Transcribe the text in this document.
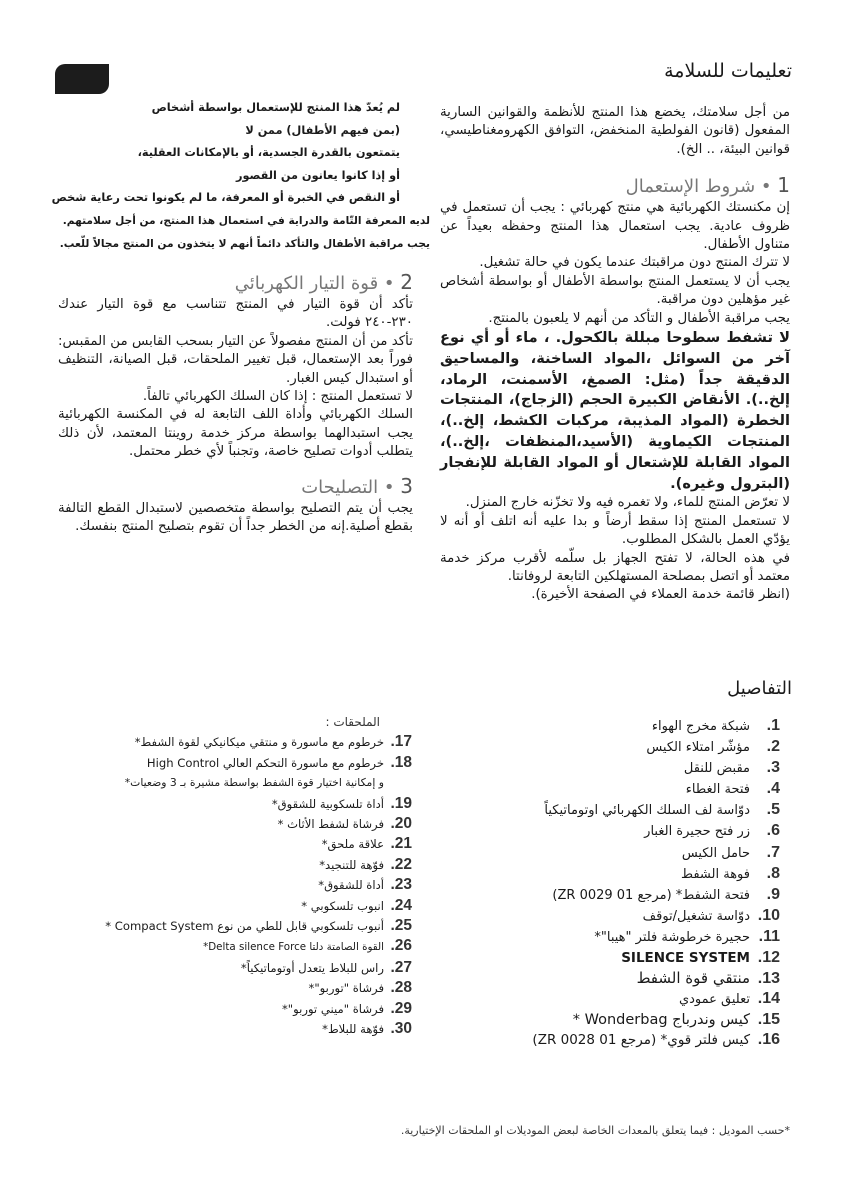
تعليمات للسلامة

من أجل سلامتك، يخضع هذا المنتج للأنظمة والقوانين السارية المفعول (قانون الفولطية المنخفض، التوافق الكهرومغناطيسي، قوانين البيئة، .. الخ).

1 • شروط الإستعمال

إن مكنستك الكهربائية هي منتج كهربائي : يجب أن تستعمل في ظروف عادية. يجب استعمال هذا المنتج وحفظه بعيداً عن متناول الأطفال.

لا تترك المنتج دون مراقبتك عندما يكون في حالة تشغيل.

يجب أن لا يستعمل المنتج بواسطة الأطفال أو بواسطة أشخاص غير مؤهلين دون مراقبة.

يجب مراقبة الأطفال و التأكد من أنهم لا يلعبون بالمنتج.

لا تشفط سطوحا مبللة بالكحول. ، ماء أو أي نوع آخر من السوائل ،المواد الساخنة، والمساحيق الدقيقة جداً (مثل: الصمغ، الأسمنت، الرماد، إلخ..). الأنقاض الكبيرة الحجم (الزجاج)، المنتجات الخطرة (المواد المذيبة، مركبات الكشط، إلخ..)، المنتجات الكيماوية (الأسيد،المنظفات ،إلخ..)، المواد القابلة للإشتعال أو المواد القابلة للإنفجار (البترول وغيره).

لا تعرّض المنتج للماء، ولا تغمره فيه ولا تخزّنه خارج المنزل.

لا تستعمل المنتج إذا سقط أرضاً و بدا عليه أنه اتلف أو أنه لا يؤدّي العمل بالشكل المطلوب.

في هذه الحالة، لا تفتح الجهاز بل سلّمه لأقرب مركز خدمة معتمد أو اتصل بمصلحة المستهلكين التابعة لروفانتا.

(انظر قائمة خدمة العملاء في الصفحة الأخيرة).

لم يُعدّ هذا المنتج للإستعمال بواسطة أشخاص

(بمن فيهم الأطفال) ممن لا

يتمتعون بالقدرة الجسدية، أو بالإمكانات العقلية،

أو إذا كانوا يعانون من القصور

أو النقص في الخبرة أو المعرفة، ما لم يكونوا تحت رعاية شخص

لديه المعرفة التّامة والدراية في استعمال هذا المنتج، من أجل سلامتهم.

يجب مراقبة الأطفال والتأكد دائماً أنهم لا يتخذون من المنتج مجالاً للّعب.

2 • قوة التيار الكهربائي

تأكد أن قوة التيار في المنتج تتناسب مع قوة التيار عندك ٢٣٠-٢٤٠ فولت.

تأكد من أن المنتج مفصولاً عن التيار بسحب القابس من المقبس: فوراً بعد الإستعمال، قبل تغيير الملحقات، قبل الصيانة، التنظيف أو استبدال كيس الغبار.

لا تستعمل المنتج : إذا كان السلك الكهربائي تالفاً.

السلك الكهربائي وأداة اللف التابعة له في المكنسة الكهربائية يجب استبدالهما بواسطة مركز خدمة روينتا المعتمد، لأن ذلك يتطلب أدوات تصليح خاصة، وتجنباً لأي خطر محتمل.

3 • التصليحات

يجب أن يتم التصليح بواسطة متخصصين لاستبدال القطع التالفة بقطع أصلية.إنه من الخطر جداً أن تقوم بتصليح المنتج بنفسك.

التفاصيل
1.
شبكة مخرج الهواء
2.
مؤشّر امتلاء الكيس
3.
مقبض للنقل
4.
فتحة الغطاء
5.
دوّاسة لف السلك الكهربائي اوتوماتيكياً
6.
زر فتح حجيرة الغبار
7.
حامل الكيس
8.
فوهة الشفط
9.
فتحة الشفط* (مرجع ZR 0029 01)
10.
دوّاسة تشغيل/توقف
11.
حجيرة خرطوشة فلتر "هيبا"*
12.
SILENCE SYSTEM
13.
منتقي قوة الشفط
14.
تعليق عمودي
15.
كيس وندرباج Wonderbag *
16.
كيس فلتر قوي* (مرجع ZR 0028 01)
الملحقات :
17.
خرطوم مع ماسورة و منتقي ميكانيكي لقوة الشفط*
18.
خرطوم مع ماسورة التحكم العالي High Control
و إمكانية اختيار قوة الشفط بواسطة مشيرة بـ 3 وضعيات*
19.
أداة تلسكوبية للشقوق*
20.
فرشاة لشفط الأثاث *
21.
علاقة ملحق*
22.
فوّهة للتنجيد*
23.
أداة للشقوق*
24.
انبوب تلسكوبي *
25.
أنبوب تلسكوبي قابل للطي من نوع Compact System *
26.
القوة الصامتة دلتا Delta silence Force*
27.
راس للبلاط يتعدل أوتوماتيكياً*
28.
فرشاة "توربو"*
29.
فرشاة "ميني توربو"*
30.
فوّهة للبلاط*

*حسب الموديل : فيما يتعلق بالمعدات الخاصة لبعض الموديلات او الملحقات الإختيارية.
